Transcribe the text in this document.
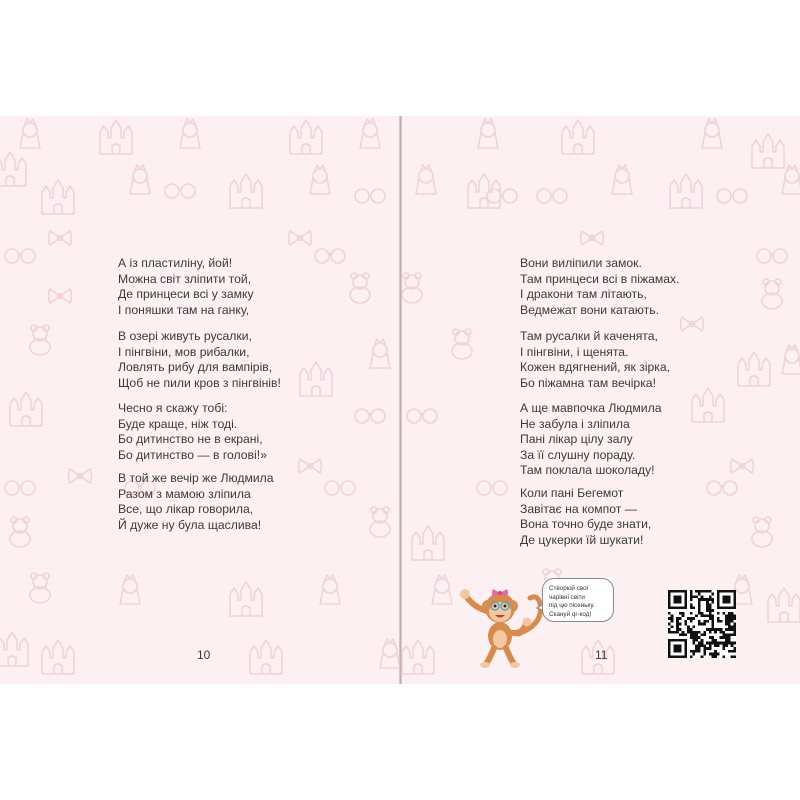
А із пластиліну, йой!
Можна світ зліпити той,
Де принцеси всі у замку
І поняшки там на ганку,
В озері живуть русалки,
І пінгвіни, мов рибалки,
Ловлять рибу для вампірів,
Щоб не пили кров з пінгвінів!
Чесно я скажу тобі:
Буде краще, ніж тоді.
Бо дитинство не в екрані,
Бо дитинство — в голові!»
В той же вечір же Людмила
Разом з мамою зліпила
Все, що лікар говорила,
Й дуже ну була щаслива!
10
Вони виліпили замок.
Там принцеси всі в піжамах.
І дракони там літають,
Ведмежат вони катають.
Там русалки й каченята,
І пінгвіни, і щенята.
Кожен вдягнений, як зірка,
Бо піжамна там вечірка!
А ще мавпочка Людмила
Не забула і зліпила
Пані лікар цілу залу
За її слушну пораду.
Там поклала шоколаду!
Коли пані Бегемот
Завітає на компот —
Вона точно буде знати,
Де цукерки їй шукати!
Створюй свої чарівні світи
під цю пісеньку.
Скануй qr-код!
11
